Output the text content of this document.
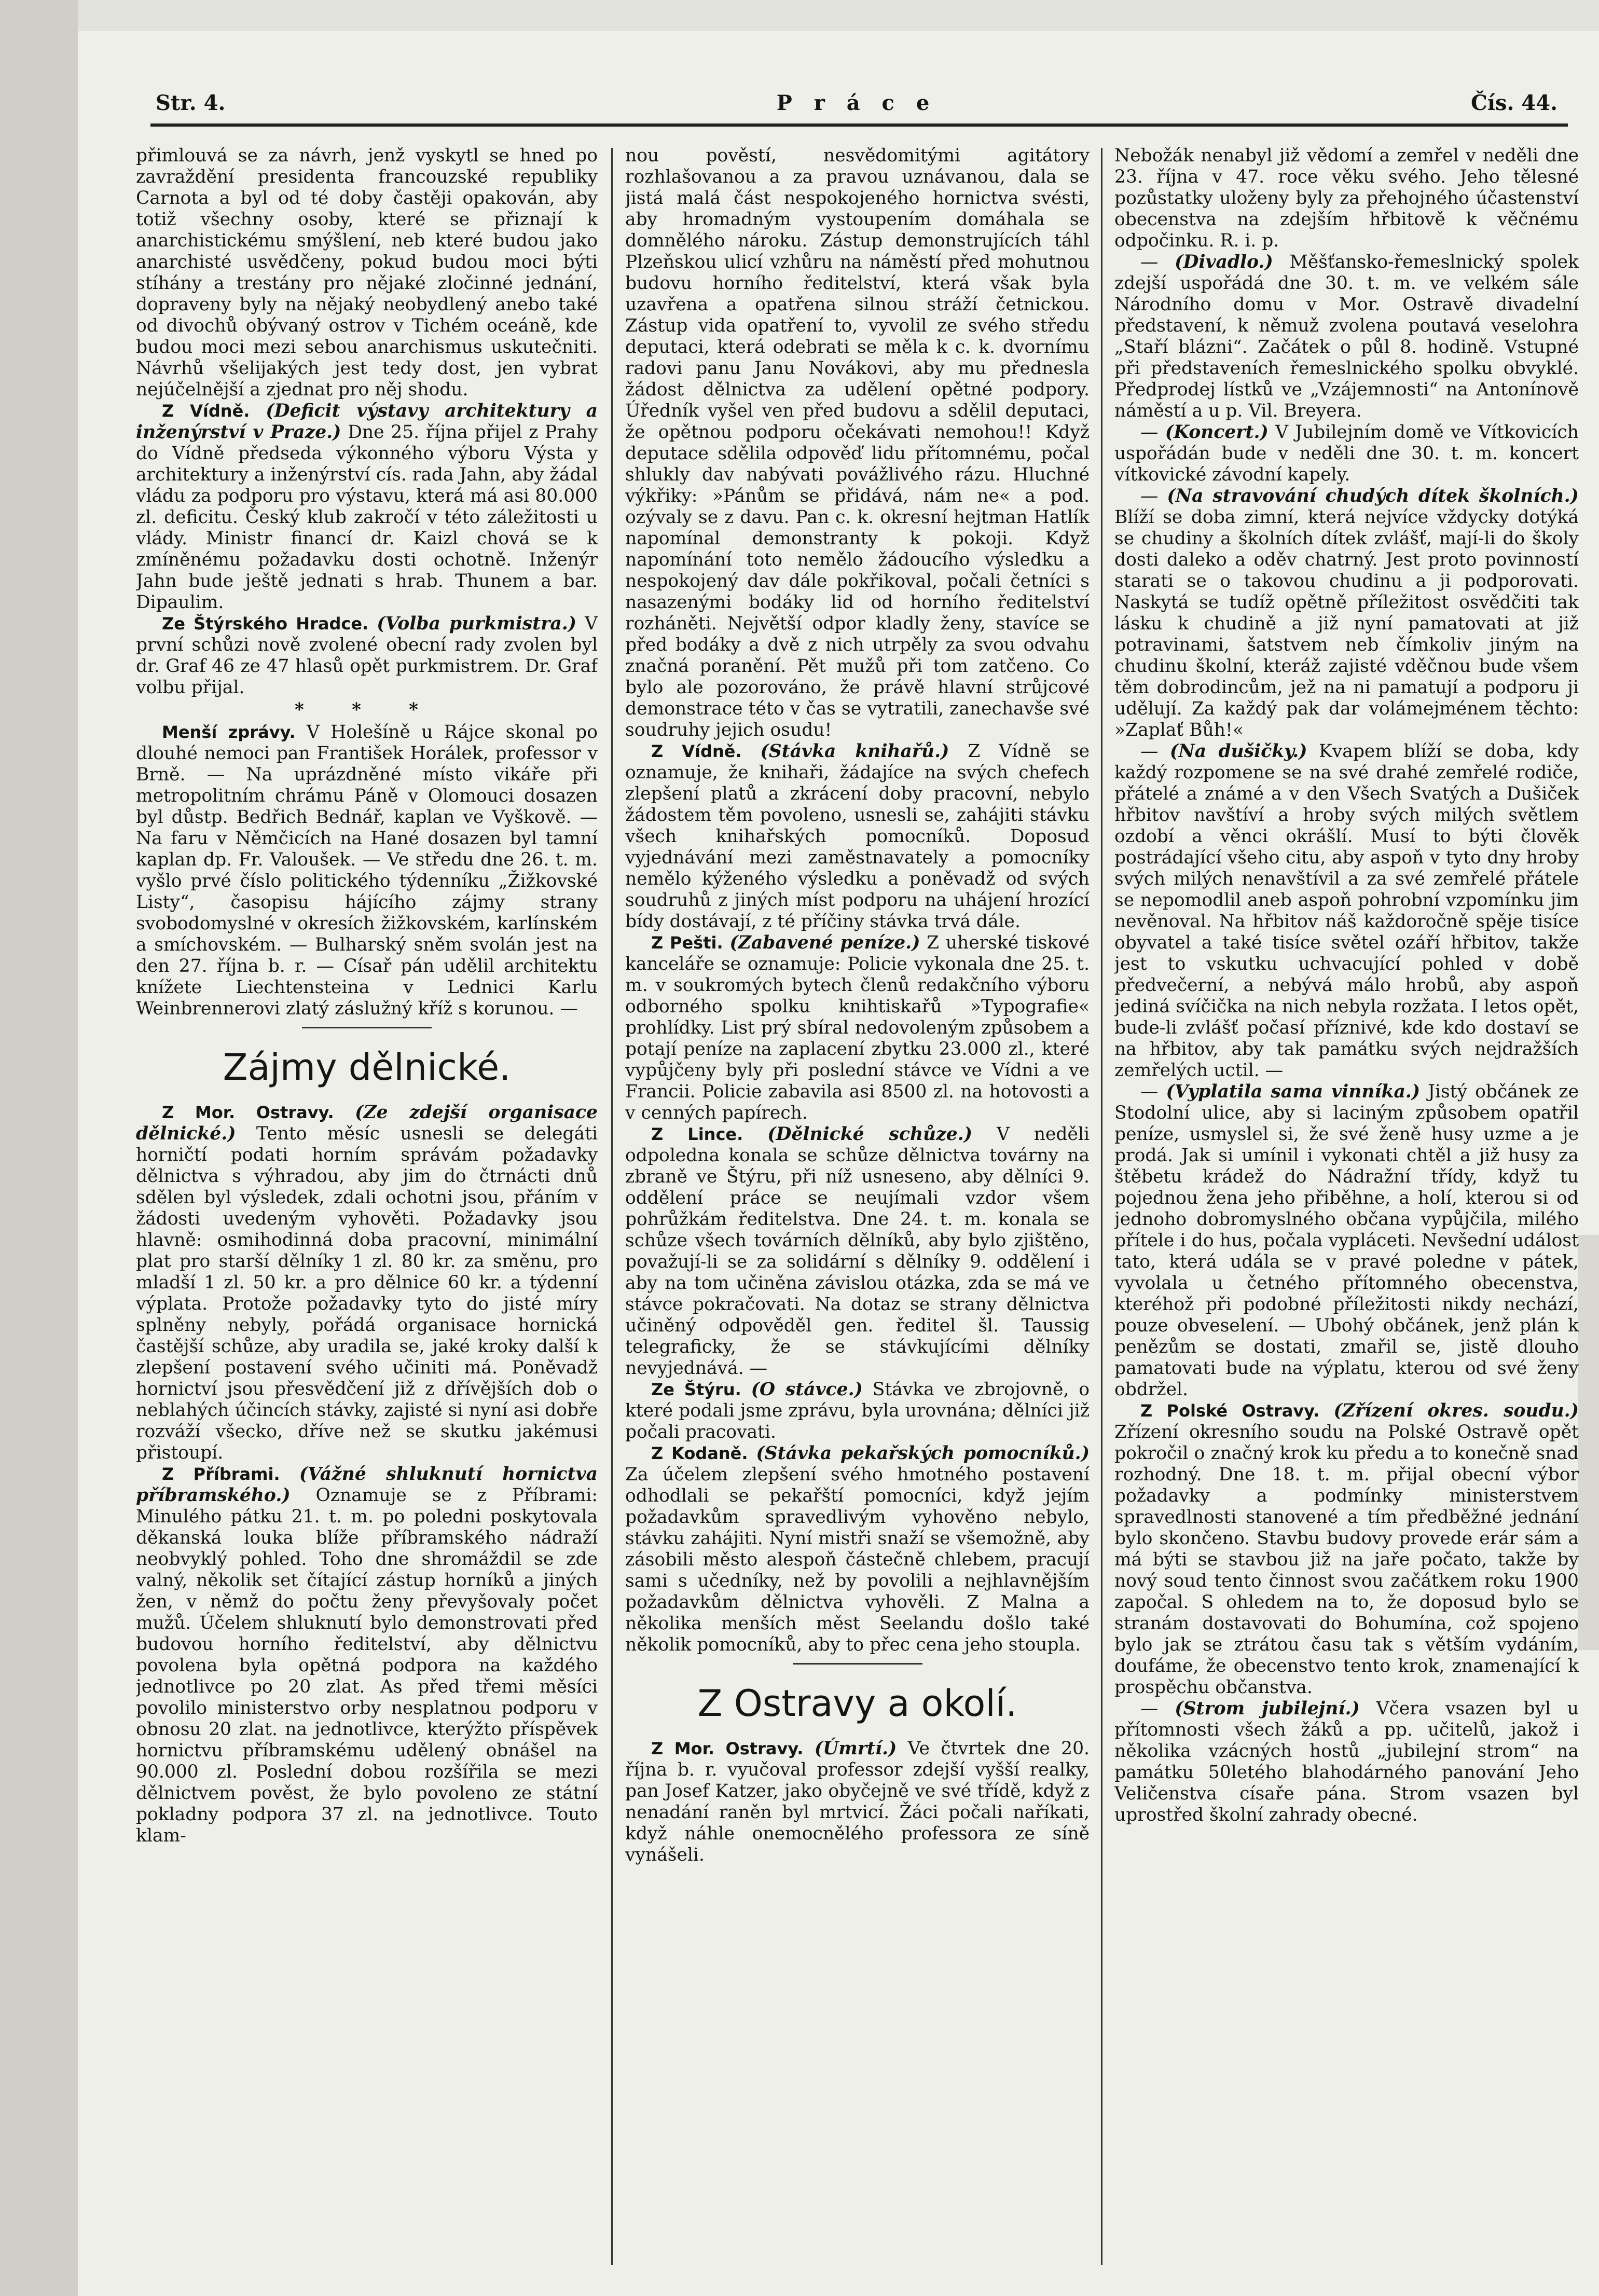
Str. 4.	P r á c e	Čís. 44.

přimlouvá se za návrh, jenž vyskytl se hned po zavraždění presidenta francouzské republiky Carnota a byl od té doby častěji opakován, aby totiž všechny osoby, které se přiznají k anarchistickému smýšlení, neb které budou jako anarchisté usvědčeny, pokud budou moci býti stíhány a trestány pro nějaké zločinné jednání, dopraveny byly na nějaký neobydlený anebo také od divochů obývaný ostrov v Tichém oceáně, kde budou moci mezi sebou anarchismus uskutečniti. Návrhů všelijakých jest tedy dost, jen vybrat nejúčelnější a zjednat pro něj shodu.

Z Vídně. (Deficit výstavy architektury a inženýrství v Praze.) Dne 25. října přijel z Prahy do Vídně předseda výkonného výboru Výsta y architektury a inženýrství cís. rada Jahn, aby žádal vládu za podporu pro výstavu, která má asi 80.000 zl. deficitu. Český klub zakročí v této záležitosti u vlády. Ministr financí dr. Kaizl chová se k zmíněnému požadavku dosti ochotně. Inženýr Jahn bude ještě jednati s hrab. Thunem a bar. Dipaulim.

Ze Štýrského Hradce. (Volba purkmistra.) V první schůzi nově zvolené obecní rady zvolen byl dr. Graf 46 ze 47 hlasů opět purkmistrem. Dr. Graf volbu přijal.

* * *

Menší zprávy. V Holešíně u Rájce skonal po dlouhé nemoci pan František Horálek, professor v Brně. — Na uprázdněné místo vikáře při metropolitním chrámu Páně v Olomouci dosazen byl důstp. Bedřich Bednář, kaplan ve Vyškově. — Na faru v Němčicích na Hané dosazen byl tamní kaplan dp. Fr. Valoušek. — Ve středu dne 26. t. m. vyšlo prvé číslo politického týdenníku „Žižkovské Listy“, časopisu hájícího zájmy strany svobodomyslné v okresích žižkovském, karlínském a smíchovském. — Bulharský sněm svolán jest na den 27. října b. r. — Císař pán udělil architektu knížete Liechtensteina v Lednici Karlu Weinbrennerovi zlatý záslužný kříž s korunou. —

Zájmy dělnické.

Z Mor. Ostravy. (Ze zdejší organisace dělnické.) Tento měsíc usnesli se delegáti horničtí podati horním správám požadavky dělnictva s výhradou, aby jim do čtrnácti dnů sdělen byl výsledek, zdali ochotni jsou, přáním v žádosti uvedeným vyhověti. Požadavky jsou hlavně: osmihodinná doba pracovní, minimální plat pro starší dělníky 1 zl. 80 kr. za směnu, pro mladší 1 zl. 50 kr. a pro dělnice 60 kr. a týdenní výplata. Protože požadavky tyto do jisté míry splněny nebyly, pořádá organisace hornická častější schůze, aby uradila se, jaké kroky další k zlepšení postavení svého učiniti má. Poněvadž hornictví jsou přesvědčení již z dřívějších dob o neblahých účincích stávky, zajisté si nyní asi dobře rozváží všecko, dříve než se skutku jakémusi přistoupí.

Z Příbrami. (Vážné shluknutí hornictva příbramského.) Oznamuje se z Příbrami: Minulého pátku 21. t. m. po poledni poskytovala děkanská louka blíže příbramského nádraží neobvyklý pohled. Toho dne shromáždil se zde valný, několik set čítající zástup horníků a jiných žen, v němž do počtu ženy převyšovaly počet mužů. Účelem shluknutí bylo demonstrovati před budovou horního ředitelství, aby dělnictvu povolena byla opětná podpora na každého jednotlivce po 20 zlat. As před třemi měsíci povolilo ministerstvo orby nesplatnou podporu v obnosu 20 zlat. na jednotlivce, kterýžto příspěvek hornictvu příbramskému udělený obnášel na 90.000 zl. Poslední dobou rozšířila se mezi dělnictvem pověst, že bylo povoleno ze státní pokladny podpora 37 zl. na jednotlivce. Touto klam-

nou pověstí, nesvědomitými agitátory rozhlašovanou a za pravou uznávanou, dala se jistá malá část nespokojeného hornictva svésti, aby hromadným vystoupením domáhala se domnělého nároku. Zástup demonstrujících táhl Plzeňskou ulicí vzhůru na náměstí před mohutnou budovu horního ředitelství, která však byla uzavřena a opatřena silnou stráží četnickou. Zástup vida opatření to, vyvolil ze svého středu deputaci, která odebrati se měla k c. k. dvornímu radovi panu Janu Novákovi, aby mu přednesla žádost dělnictva za udělení opětné podpory. Úředník vyšel ven před budovu a sdělil deputaci, že opětnou podporu očekávati nemohou!! Když deputace sdělila odpověď lidu přítomnému, počal shlukly dav nabývati povážlivého rázu. Hluchné výkřiky: »Pánům se přidává, nám ne« a pod. ozývaly se z davu. Pan c. k. okresní hejtman Hatlík napomínal demonstranty k pokoji. Když napomínání toto nemělo žádoucího výsledku a nespokojený dav dále pokřikoval, počali četníci s nasazenými bodáky lid od horního ředitelství rozháněti. Největší odpor kladly ženy, stavíce se před bodáky a dvě z nich utrpěly za svou odvahu značná poranění. Pět mužů při tom zatčeno. Co bylo ale pozorováno, že právě hlavní strůjcové demonstrace této v čas se vytratili, zanechavše své soudruhy jejich osudu!

Z Vídně. (Stávka knihařů.) Z Vídně se oznamuje, že knihaři, žádajíce na svých chefech zlepšení platů a zkrácení doby pracovní, nebylo žádostem těm povoleno, usnesli se, zahájiti stávku všech knihařských pomocníků. Doposud vyjednávání mezi zaměstnavately a pomocníky nemělo kýženého výsledku a poněvadž od svých soudruhů z jiných míst podporu na uhájení hrozící bídy dostávají, z té příčiny stávka trvá dále.

Z Pešti. (Zabavené peníze.) Z uherské tiskové kanceláře se oznamuje: Policie vykonala dne 25. t. m. v soukromých bytech členů redakčního výboru odborného spolku knihtiskařů »Typografie« prohlídky. List prý sbíral nedovoleným způsobem a potají peníze na zaplacení zbytku 23.000 zl., které vypůjčeny byly při poslední stávce ve Vídni a ve Francii. Policie zabavila asi 8500 zl. na hotovosti a v cenných papírech.

Z Lince. (Dělnické schůze.) V neděli odpoledna konala se schůze dělnictva továrny na zbraně ve Štýru, při níž usneseno, aby dělníci 9. oddělení práce se neujímali vzdor všem pohrůžkám ředitelstva. Dne 24. t. m. konala se schůze všech továrních dělníků, aby bylo zjištěno, považují-li se za solidární s dělníky 9. oddělení i aby na tom učiněna závislou otázka, zda se má ve stávce pokračovati. Na dotaz se strany dělnictva učiněný odpověděl gen. ředitel šl. Taussig telegraficky, že se stávkujícími dělníky nevyjednává. —

Ze Štýru. (O stávce.) Stávka ve zbrojovně, o které podali jsme zprávu, byla urovnána; dělníci již počali pracovati.

Z Kodaně. (Stávka pekařských pomocníků.) Za účelem zlepšení svého hmotného postavení odhodlali se pekařští pomocníci, když jejím požadavkům spravedlivým vyhověno nebylo, stávku zahájiti. Nyní mistři snaží se všemožně, aby zásobili město alespoň částečně chlebem, pracují sami s učedníky, než by povolili a nejhlavnějším požadavkům dělnictva vyhověli. Z Malna a několika menších měst Seelandu došlo také několik pomocníků, aby to přec cena jeho stoupla.

Z Ostravy a okolí.

Z Mor. Ostravy. (Úmrtí.) Ve čtvrtek dne 20. října b. r. vyučoval professor zdejší vyšší realky, pan Josef Katzer, jako obyčejně ve své třídě, když z nenadání raněn byl mrtvicí. Žáci počali naříkati, když náhle onemocnělého professora ze síně vynášeli.

Nebožák nenabyl již vědomí a zemřel v neděli dne 23. října v 47. roce věku svého. Jeho tělesné pozůstatky uloženy byly za přehojného účastenství obecenstva na zdejším hřbitově k věčnému odpočinku. R. i. p.

— (Divadlo.) Měšťansko-řemeslnický spolek zdejší uspořádá dne 30. t. m. ve velkém sále Národního domu v Mor. Ostravě divadelní představení, k němuž zvolena poutavá veselohra „Staří blázni“. Začátek o půl 8. hodině. Vstupné při představeních řemeslnického spolku obvyklé. Předprodej lístků ve „Vzájemnosti“ na Antonínově náměstí a u p. Vil. Breyera.

— (Koncert.) V Jubilejním domě ve Vítkovicích uspořádán bude v neděli dne 30. t. m. koncert vítkovické závodní kapely.

— (Na stravování chudých dítek školních.) Blíží se doba zimní, která nejvíce vždycky dotýká se chudiny a školních dítek zvlášť, mají-li do školy dosti daleko a oděv chatrný. Jest proto povinností starati se o takovou chudinu a ji podporovati. Naskytá se tudíž opětně příležitost osvědčiti tak lásku k chudině a již nyní pamatovati at již potravinami, šatstvem neb čímkoliv jiným na chudinu školní, kteráž zajisté vděčnou bude všem těm dobrodincům, jež na ni pamatují a podporu ji udělují. Za každý pak dar volámejménem těchto: »Zaplať Bůh!«

— (Na dušičky.) Kvapem blíží se doba, kdy každý rozpomene se na své drahé zemřelé rodiče, přátelé a známé a v den Všech Svatých a Dušiček hřbitov navštíví a hroby svých milých světlem ozdobí a věnci okrášlí. Musí to býti člověk postrádající všeho citu, aby aspoň v tyto dny hroby svých milých nenavštívil a za své zemřelé přátele se nepomodlil aneb aspoň pohrobní vzpomínku jim nevěnoval. Na hřbitov náš každoročně spěje tisíce obyvatel a také tisíce světel ozáří hřbitov, takže jest to vskutku uchvacující pohled v době předvečerní, a nebývá málo hrobů, aby aspoň jediná svíčička na nich nebyla rozžata. I letos opět, bude-li zvlášť počasí příznivé, kde kdo dostaví se na hřbitov, aby tak památku svých nejdražších zemřelých uctil. —

— (Vyplatila sama vinníka.) Jistý občánek ze Stodolní ulice, aby si laciným způsobem opatřil peníze, usmyslel si, že své ženě husy uzme a je prodá. Jak si umínil i vykonati chtěl a již husy za štěbetu krádež do Nádražní třídy, když tu pojednou žena jeho přiběhne, a holí, kterou si od jednoho dobromyslného občana vypůjčila, milého přítele i do hus, počala vypláceti. Nevšední událost tato, která udála se v pravé poledne v pátek, vyvolala u četného přítomného obecenstva, kteréhož při podobné příležitosti nikdy nechází, pouze obveselení. — Ubohý občánek, jenž plán k penězům se dostati, zmařil se, jistě dlouho pamatovati bude na výplatu, kterou od své ženy obdržel.

Z Polské Ostravy. (Zřízení okres. soudu.) Zřízení okresního soudu na Polské Ostravě opět pokročil o značný krok ku předu a to konečně snad rozhodný. Dne 18. t. m. přijal obecní výbor požadavky a podmínky ministerstvem spravedlnosti stanovené a tím předběžné jednání bylo skončeno. Stavbu budovy provede erár sám a má býti se stavbou již na jaře počato, takže by nový soud tento činnost svou začátkem roku 1900 započal. S ohledem na to, že doposud bylo se stranám dostavovati do Bohumína, což spojeno bylo jak se ztrátou času tak s větším vydáním, doufáme, že obecenstvo tento krok, znamenající k prospěchu občanstva.

— (Strom jubilejní.) Včera vsazen byl u přítomnosti všech žáků a pp. učitelů, jakož i několika vzácných hostů „jubilejní strom“ na památku 50letého blahodárného panování Jeho Veličenstva císaře pána. Strom vsazen byl uprostřed školní zahrady obecné.
